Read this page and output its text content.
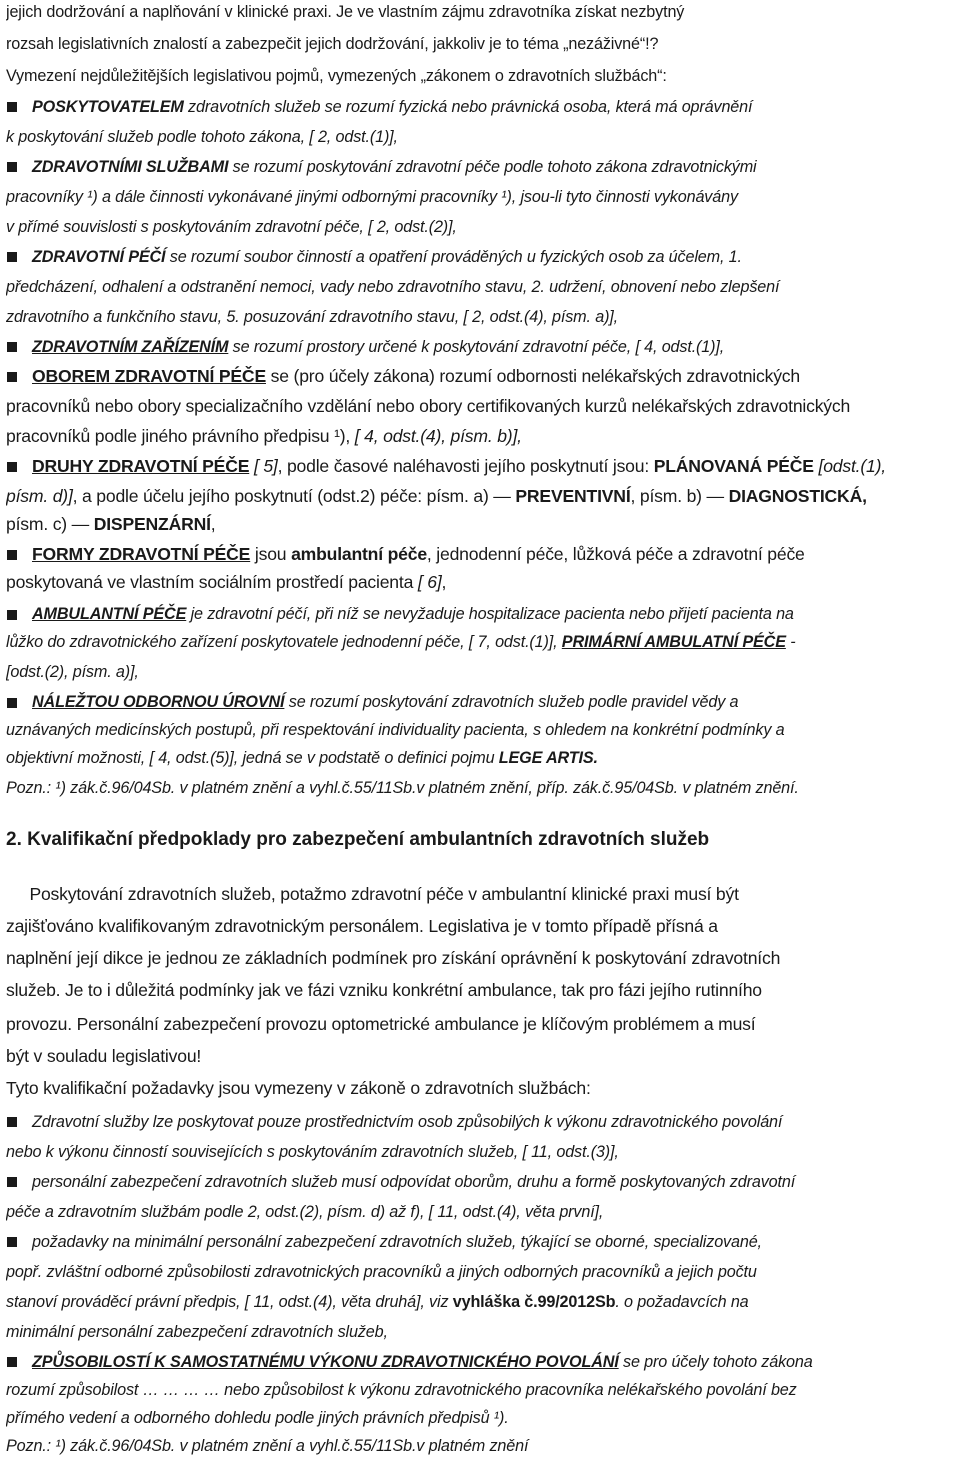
jejich dodržování a naplňování v klinické praxi. Je ve vlastním zájmu zdravotníka získat nezbytný
rozsah legislativních znalostí a zabezpečit jejich dodržování, jakkoliv je to téma „nezáživné“!?
Vymezení nejdůležitějších legislativou pojmů, vymezených „zákonem o zdravotních službách“:
POSKYTOVATELEM zdravotních služeb se rozumí fyzická nebo právnická osoba, která má oprávnění
k poskytování služeb podle tohoto zákona, [ 2, odst.(1)],
ZDRAVOTNÍMI SLUŽBAMI se rozumí poskytování zdravotní péče podle tohoto zákona zdravotnickými
pracovníky ¹) a dále činnosti vykonávané jinými odbornými pracovníky ¹), jsou-li tyto činnosti vykonávány
v přímé souvislosti s poskytováním zdravotní péče, [ 2, odst.(2)],
ZDRAVOTNÍ PÉČÍ se rozumí soubor činností a opatření prováděných u fyzických osob za účelem, 1.
předcházení, odhalení a odstranění nemoci, vady nebo zdravotního stavu, 2. udržení, obnovení nebo zlepšení
zdravotního a funkčního stavu, 5. posuzování zdravotního stavu, [ 2, odst.(4), písm. a)],
ZDRAVOTNÍM ZAŘÍZENÍM se rozumí prostory určené k poskytování zdravotní péče, [ 4, odst.(1)],
OBOREM ZDRAVOTNÍ PÉČE se (pro účely zákona) rozumí odbornosti nelékařských zdravotnických
pracovníků nebo obory specializačního vzdělání nebo obory certifikovaných kurzů nelékařských zdravotnických
pracovníků podle jiného právního předpisu ¹), [ 4, odst.(4), písm. b)],
DRUHY ZDRAVOTNÍ PÉČE [ 5], podle časové naléhavosti jejího poskytnutí jsou: PLÁNOVANÁ PÉČE [odst.(1),
písm. d)], a podle účelu jejího poskytnutí (odst.2) péče: písm. a) — PREVENTIVNÍ, písm. b) — DIAGNOSTICKÁ,
písm. c) — DISPENZÁRNÍ,
FORMY ZDRAVOTNÍ PÉČE jsou ambulantní péče, jednodenní péče, lůžková péče a zdravotní péče
poskytovaná ve vlastním sociálním prostředí pacienta [ 6],
AMBULANTNÍ PÉČE je zdravotní péčí, při níž se nevyžaduje hospitalizace pacienta nebo přijetí pacienta na
lůžko do zdravotnického zařízení poskytovatele jednodenní péče, [ 7, odst.(1)], PRIMÁRNÍ AMBULATNÍ PÉČE -
[odst.(2), písm. a)],
NÁLEŽTOU ODBORNOU ÚROVNÍ se rozumí poskytování zdravotních služeb podle pravidel vědy a
uznávaných medicínských postupů, při respektování individuality pacienta, s ohledem na konkrétní podmínky a
objektivní možnosti, [ 4, odst.(5)], jedná se v podstatě o definici pojmu LEGE ARTIS.
Pozn.: ¹) zák.č.96/04Sb. v platném znění a vyhl.č.55/11Sb.v platném znění, příp. zák.č.95/04Sb. v platném znění.
2. Kvalifikační předpoklady pro zabezpečení ambulantních zdravotních služeb
Poskytování zdravotních služeb, potažmo zdravotní péče v ambulantní klinické praxi musí být
zajišťováno kvalifikovaným zdravotnickým personálem. Legislativa je v tomto případě přísná a
naplnění její dikce je jednou ze základních podmínek pro získání oprávnění k poskytování zdravotních
služeb. Je to i důležitá podmínky jak ve fázi vzniku konkrétní ambulance, tak pro fázi jejího rutinního
provozu. Personální zabezpečení provozu optometrické ambulance je klíčovým problémem a musí
být v souladu legislativou!
Tyto kvalifikační požadavky jsou vymezeny v zákoně o zdravotních službách:
Zdravotní služby lze poskytovat pouze prostřednictvím osob způsobilých k výkonu zdravotnického povolání
nebo k výkonu činností souvisejících s poskytováním zdravotních služeb, [ 11, odst.(3)],
personální zabezpečení zdravotních služeb musí odpovídat oborům, druhu a formě poskytovaných zdravotní
péče a zdravotním službám podle 2, odst.(2), písm. d) až f), [ 11, odst.(4), věta první],
požadavky na minimální personální zabezpečení zdravotních služeb, týkající se oborné, specializované,
popř. zvláštní odborné způsobilosti zdravotnických pracovníků a jiných odborných pracovníků a jejich počtu
stanoví prováděcí právní předpis, [ 11, odst.(4), věta druhá], viz vyhláška č.99/2012Sb. o požadavcích na
minimální personální zabezpečení zdravotních služeb,
ZPŮSOBILOSTÍ K SAMOSTATNÉMU VÝKONU ZDRAVOTNICKÉHO POVOLÁNÍ se pro účely tohoto zákona
rozumí způsobilost … … … … nebo způsobilost k výkonu zdravotnického pracovníka nelékařského povolání bez
přímého vedení a odborného dohledu podle jiných právních předpisů ¹).
Pozn.: ¹) zák.č.96/04Sb. v platném znění a vyhl.č.55/11Sb.v platném znění
